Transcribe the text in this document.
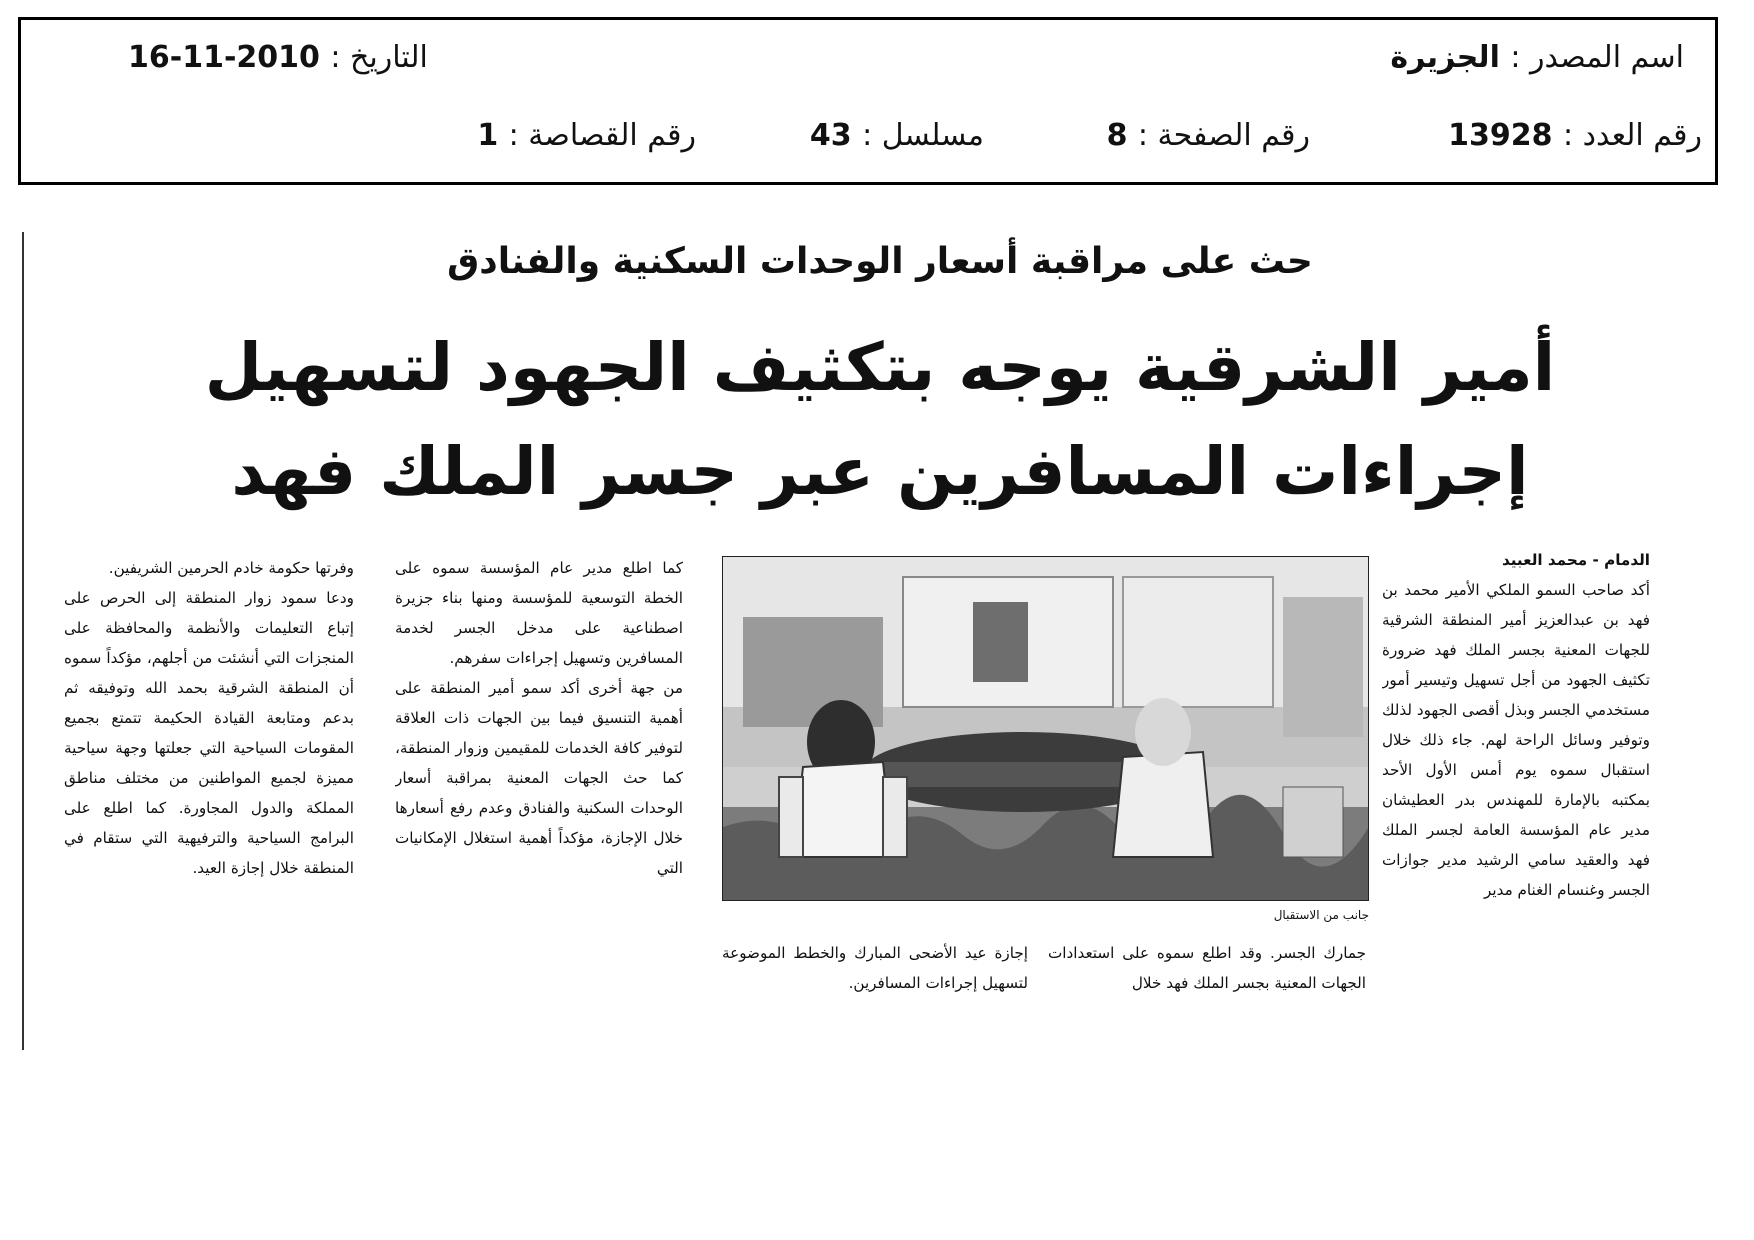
اسم المصدر : الجزيرة
التاريخ : 2010-11-16
رقم العدد : 13928
رقم الصفحة : 8
مسلسل : 43
رقم القصاصة : 1
حث على مراقبة أسعار الوحدات السكنية والفنادق
أمير الشرقية يوجه بتكثيف الجهود لتسهيل
إجراءات المسافرين عبر جسر الملك فهد

الدمام - محمد العبيد

أكد صاحب السمو الملكي الأمير محمد بن فهد بن عبدالعزيز أمير المنطقة الشرقية للجهات المعنية بجسر الملك فهد ضرورة تكثيف الجهود من أجل تسهيل وتيسير أمور مستخدمي الجسر وبذل أقصى الجهود لذلك وتوفير وسائل الراحة لهم. جاء ذلك خلال استقبال سموه يوم أمس الأول الأحد بمكتبه بالإمارة للمهندس بدر العطيشان مدير عام المؤسسة العامة لجسر الملك فهد والعقيد سامي الرشيد مدير جوازات الجسر وغنسام الغنام مدير

جانب من الاستقبال

جمارك الجسر. وقد اطلع سموه على استعدادات الجهات المعنية بجسر الملك فهد خلال

إجازة عيد الأضحى المبارك والخطط الموضوعة لتسهيل إجراءات المسافرين.

كما اطلع مدير عام المؤسسة سموه على الخطة التوسعية للمؤسسة ومنها بناء جزيرة اصطناعية على مدخل الجسر لخدمة المسافرين وتسهيل إجراءات سفرهم.

من جهة أخرى أكد سمو أمير المنطقة على أهمية التنسيق فيما بين الجهات ذات العلاقة لتوفير كافة الخدمات للمقيمين وزوار المنطقة، كما حث الجهات المعنية بمراقبة أسعار الوحدات السكنية والفنادق وعدم رفع أسعارها خلال الإجازة، مؤكداً أهمية استغلال الإمكانيات التي

وفرتها حكومة خادم الحرمين الشريفين.

ودعا سمود زوار المنطقة إلى الحرص على إتباع التعليمات والأنظمة والمحافظة على المنجزات التي أنشئت من أجلهم، مؤكداً سموه أن المنطقة الشرقية بحمد الله وتوفيقه ثم بدعم ومتابعة القيادة الحكيمة تتمتع بجميع المقومات السياحية التي جعلتها وجهة سياحية مميزة لجميع المواطنين من مختلف مناطق المملكة والدول المجاورة. كما اطلع على البرامج السياحية والترفيهية التي ستقام في المنطقة خلال إجازة العيد.
